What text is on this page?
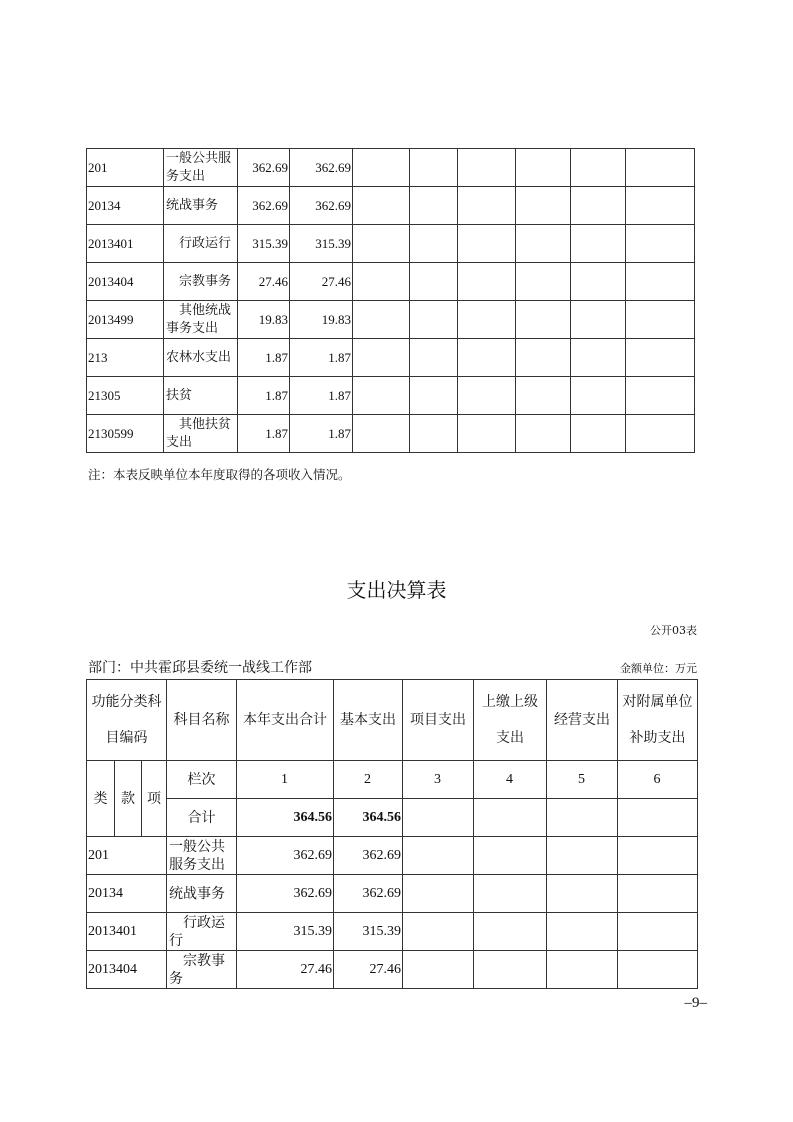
201	一般公共服务支出	362.69	362.69						
20134	统战事务	362.69	362.69						
2013401	行政运行	315.39	315.39						
2013404	宗教事务	27.46	27.46						
2013499	其他统战事务支出	19.83	19.83						
213	农林水支出	1.87	1.87						
21305	扶贫	1.87	1.87						
2130599	其他扶贫支出	1.87	1.87						
注：本表反映单位本年度取得的各项收入情况。
支出决算表
公开03表
部门：中共霍邱县委统一战线工作部	金额单位：万元
功能分类科目编码			科目名称	本年支出合计	基本支出	项目支出	上缴上级支出	经营支出	对附属单位补助支出
类	款	项	栏次	1	2	3	4	5	6
			合计	364.56	364.56				
201			一般公共服务支出	362.69	362.69				
20134			统战事务	362.69	362.69				
2013401			行政运行	315.39	315.39				
2013404			宗教事务	27.46	27.46				
–9–
